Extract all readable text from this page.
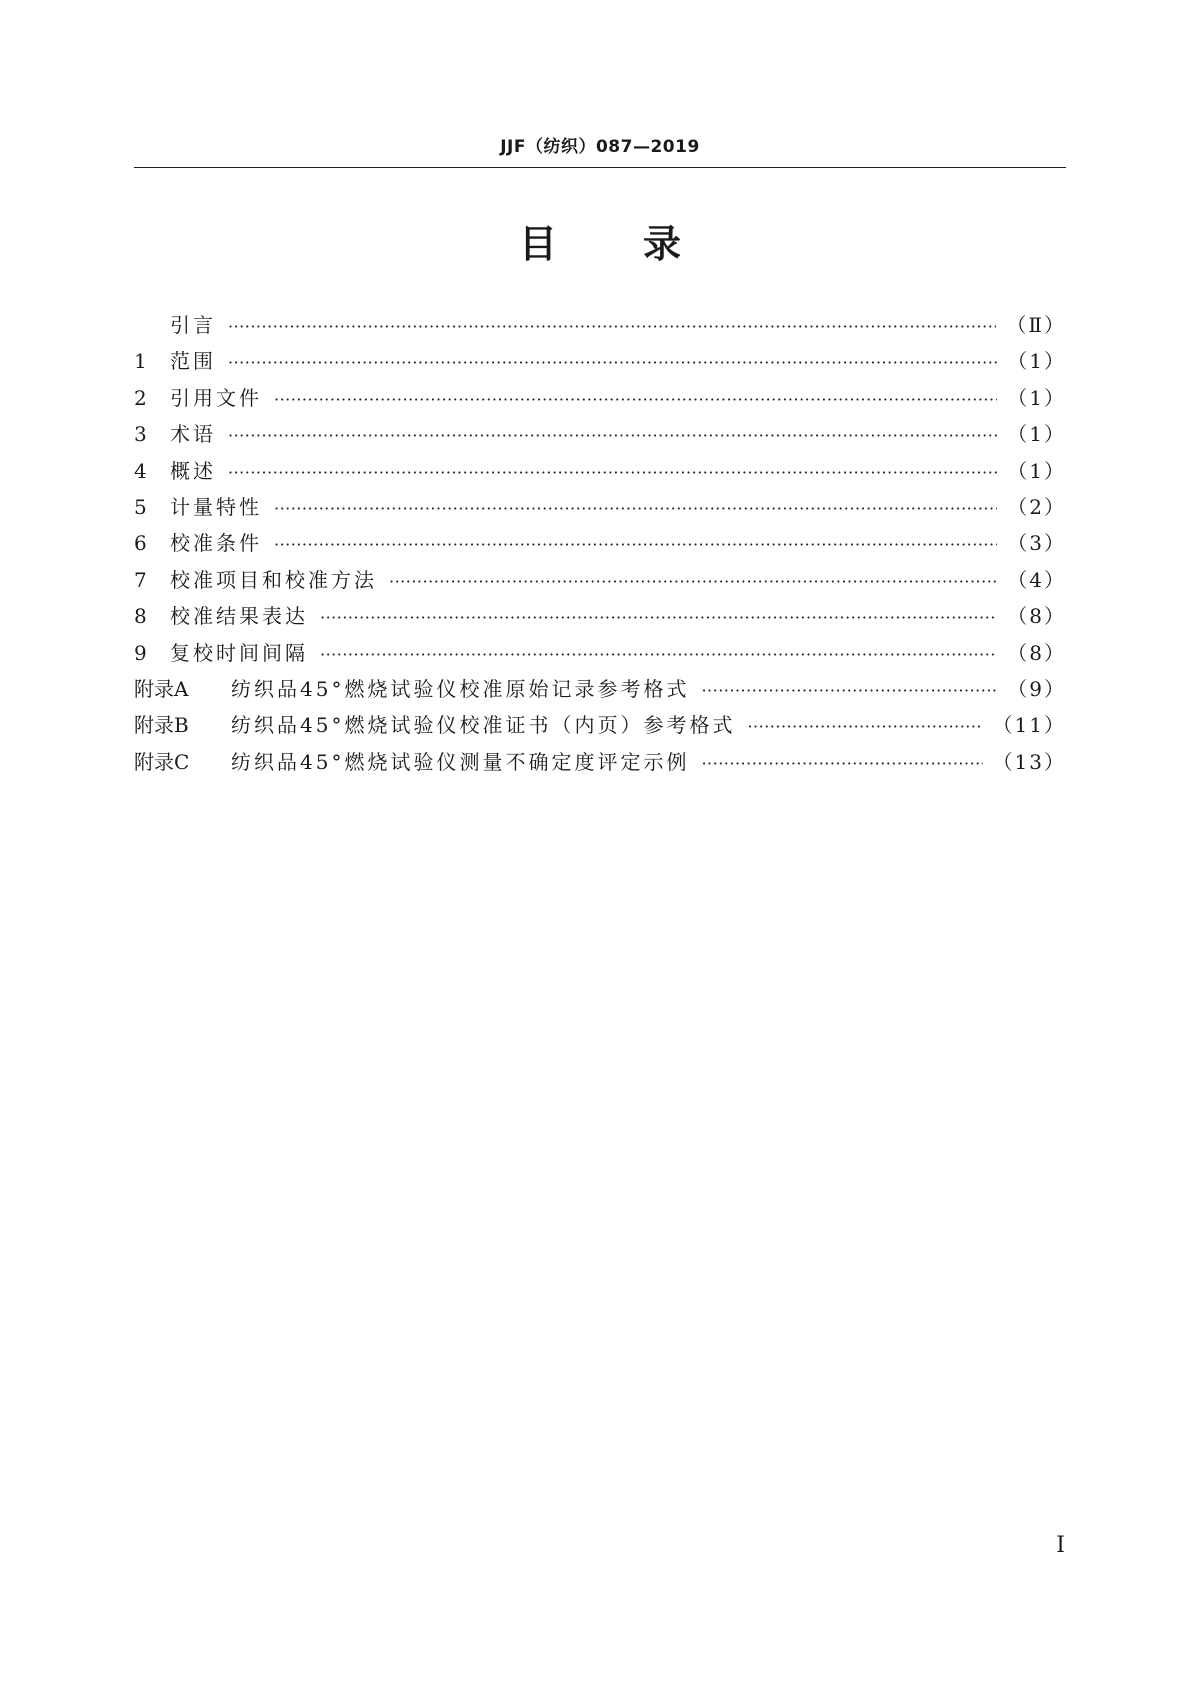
JJF（纺织）087—2019
目录
引言 ·····	（Ⅱ）
1	范围 ·····	（1）
2	引用文件 ·····	（1）
3	术语 ·····	（1）
4	概述 ·····	（1）
5	计量特性 ·····	（2）
6	校准条件 ·····	（3）
7	校准项目和校准方法 ·····	（4）
8	校准结果表达 ·····	（8）
9	复校时间间隔 ·····	（8）
附录A	纺织品45°燃烧试验仪校准原始记录参考格式 ·····	（9）
附录B	纺织品45°燃烧试验仪校准证书（内页）参考格式 ·····	（11）
附录C	纺织品45°燃烧试验仪测量不确定度评定示例 ·····	（13）
Ⅰ
